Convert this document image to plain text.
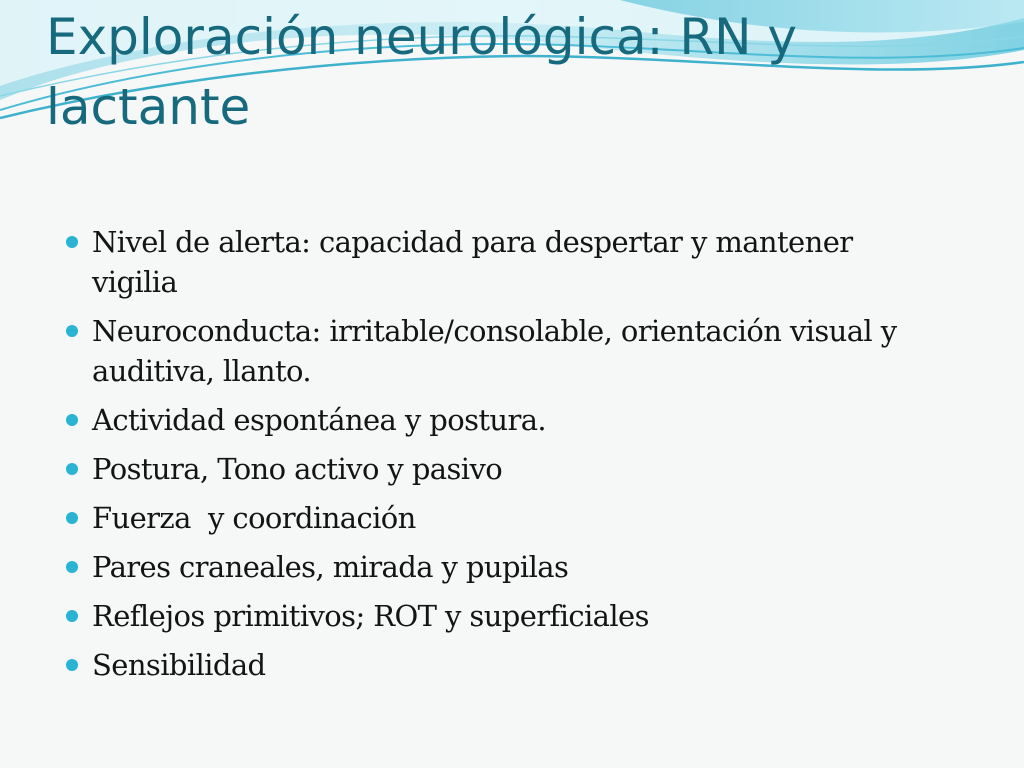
Exploración neurológica: RN y lactante
Nivel de alerta: capacidad para despertar y mantener vigilia
Neuroconducta: irritable/consolable, orientación visual y auditiva, llanto.
Actividad espontánea y postura.
Postura, Tono activo y pasivo
Fuerza  y coordinación
Pares craneales, mirada y pupilas
Reflejos primitivos; ROT y superficiales
Sensibilidad
